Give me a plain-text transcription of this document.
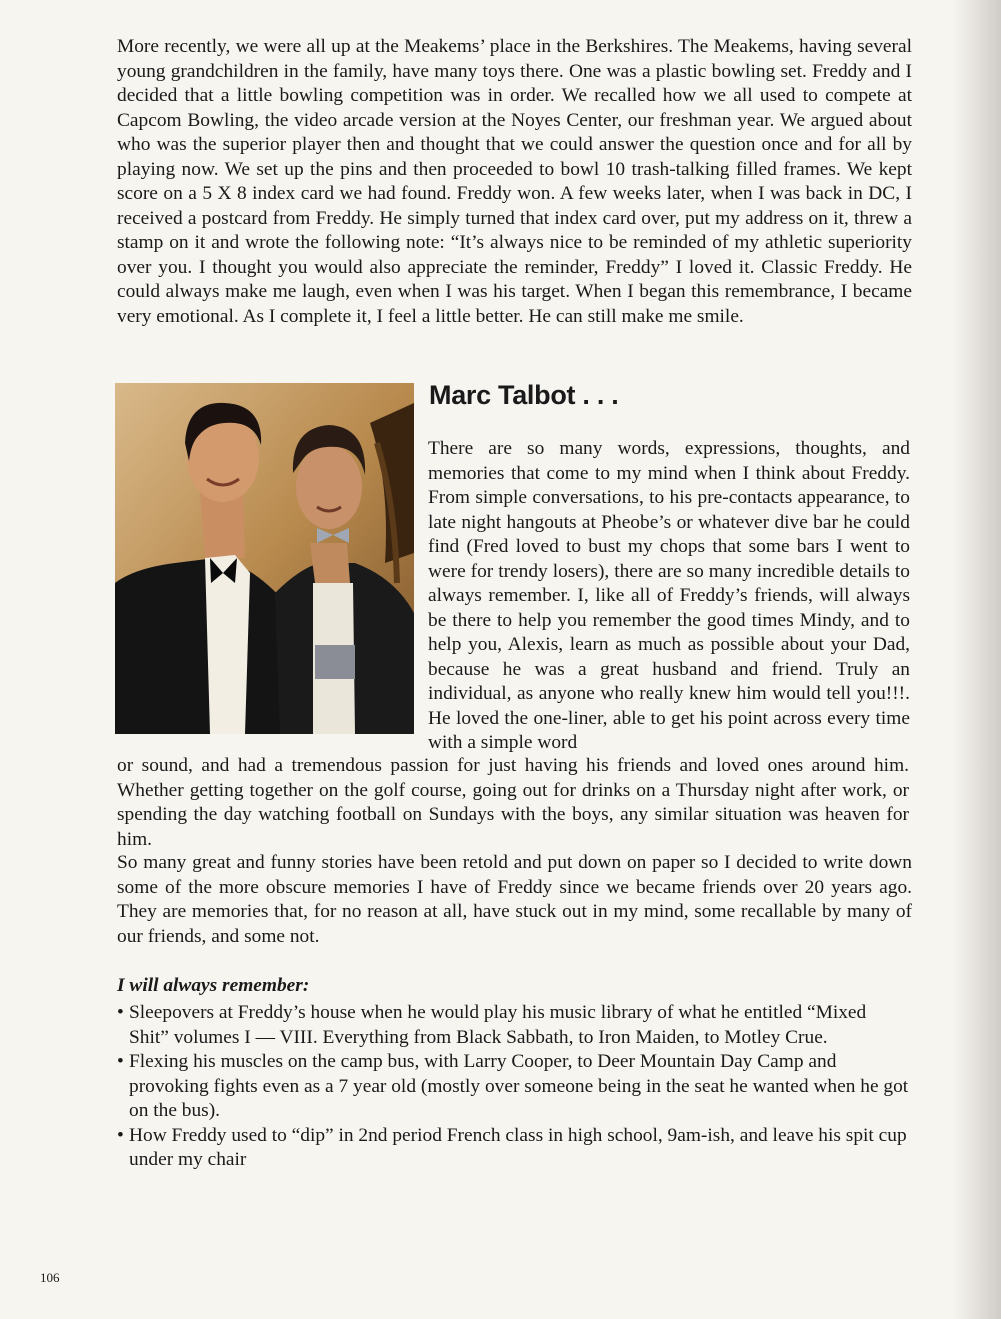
More recently, we were all up at the Meakems’ place in the Berkshires. The Meakems, having several young grandchildren in the family, have many toys there. One was a plastic bowling set. Freddy and I decided that a little bowling competition was in order. We recalled how we all used to compete at Capcom Bowling, the video arcade version at the Noyes Center, our freshman year. We argued about who was the superior player then and thought that we could answer the question once and for all by playing now. We set up the pins and then proceeded to bowl 10 trash-talking filled frames. We kept score on a 5 X 8 index card we had found. Freddy won. A few weeks later, when I was back in DC, I received a postcard from Freddy. He simply turned that index card over, put my address on it, threw a stamp on it and wrote the following note: “It’s always nice to be reminded of my athletic superiority over you. I thought you would also appreciate the reminder, Freddy” I loved it. Classic Freddy. He could always make me laugh, even when I was his target. When I began this remembrance, I became very emotional. As I complete it, I feel a little better. He can still make me smile.

Marc Talbot . . .

There are so many words, expressions, thoughts, and memories that come to my mind when I think about Freddy. From simple conversations, to his pre-contacts appearance, to late night hangouts at Pheobe’s or whatever dive bar he could find (Fred loved to bust my chops that some bars I went to were for trendy losers), there are so many incredible details to always remember. I, like all of Freddy’s friends, will always be there to help you remember the good times Mindy, and to help you, Alexis, learn as much as possible about your Dad, because he was a great husband and friend. Truly an individual, as anyone who really knew him would tell you!!!. He loved the one-liner, able to get his point across every time with a simple word

or sound, and had a tremendous passion for just having his friends and loved ones around him. Whether getting together on the golf course, going out for drinks on a Thursday night after work, or spending the day watching football on Sundays with the boys, any similar situation was heaven for him.

So many great and funny stories have been retold and put down on paper so I decided to write down some of the more obscure memories I have of Freddy since we became friends over 20 years ago. They are memories that, for no reason at all, have stuck out in my mind, some recallable by many of our friends, and some not.

I will always remember:

• Sleepovers at Freddy’s house when he would play his music library of what he entitled “Mixed Shit” volumes I — VIII. Everything from Black Sabbath, to Iron Maiden, to Motley Crue.
• Flexing his muscles on the camp bus, with Larry Cooper, to Deer Mountain Day Camp and provoking fights even as a 7 year old (mostly over someone being in the seat he wanted when he got on the bus).
• How Freddy used to “dip” in 2nd period French class in high school, 9am-ish, and leave his spit cup under my chair

106
